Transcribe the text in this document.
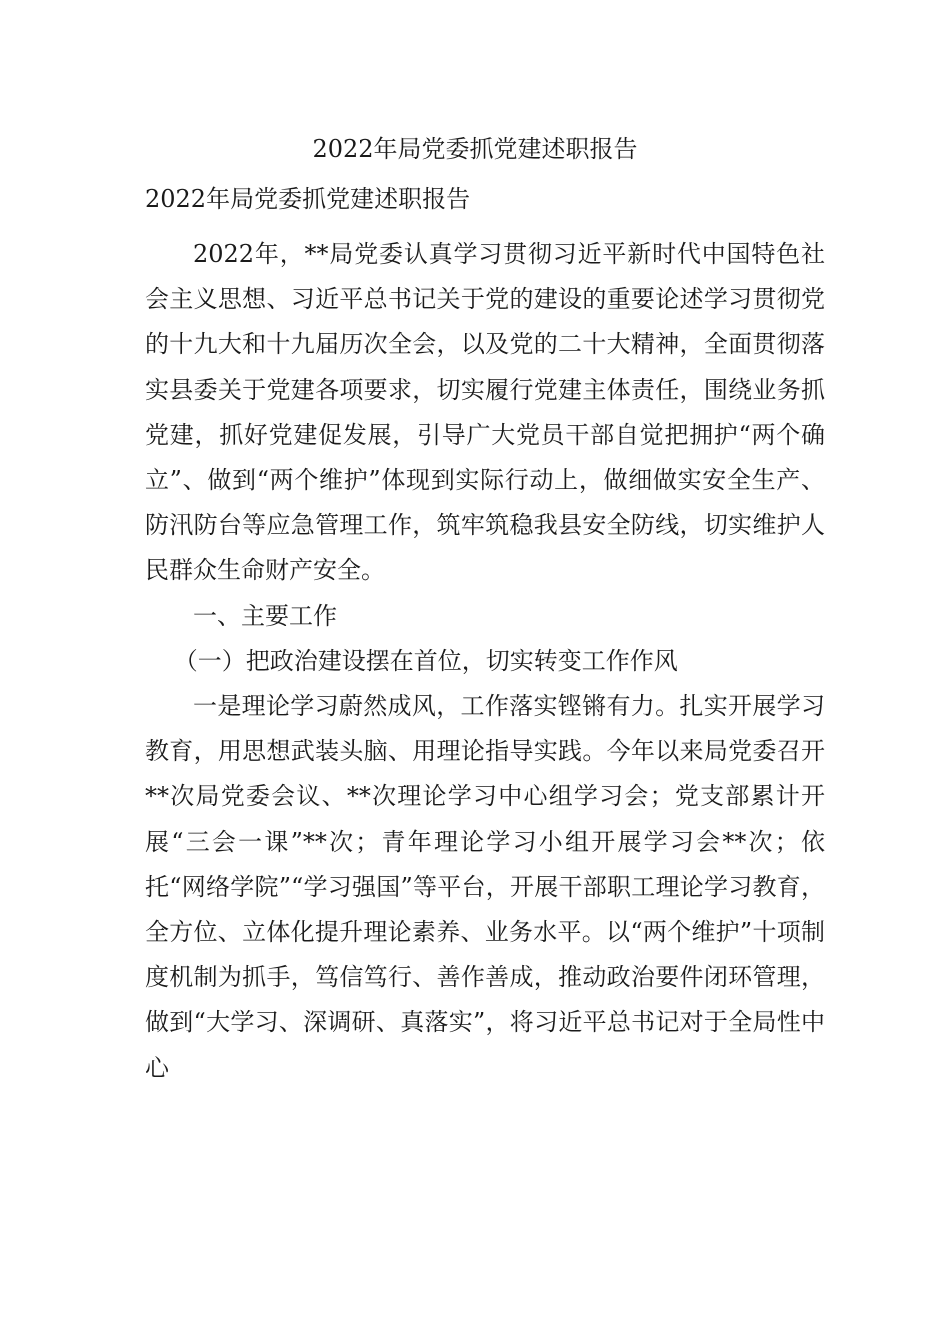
2022年局党委抓党建述职报告
2022年局党委抓党建述职报告

2022年，**局党委认真学习贯彻习近平新时代中国特色社会主义思想、习近平总书记关于党的建设的重要论述学习贯彻党的十九大和十九届历次全会，以及党的二十大精神，全面贯彻落实县委关于党建各项要求，切实履行党建主体责任，围绕业务抓党建，抓好党建促发展，引导广大党员干部自觉把拥护“两个确立”、做到“两个维护”体现到实际行动上，做细做实安全生产、防汛防台等应急管理工作，筑牢筑稳我县安全防线，切实维护人民群众生命财产安全。

一、主要工作

（一）把政治建设摆在首位，切实转变工作作风

一是理论学习蔚然成风，工作落实铿锵有力。扎实开展学习教育，用思想武装头脑、用理论指导实践。今年以来局党委召开**次局党委会议、**次理论学习中心组学习会；党支部累计开展“三会一课”**次；青年理论学习小组开展学习会**次；依托“网络学院”“学习强国”等平台，开展干部职工理论学习教育，全方位、立体化提升理论素养、业务水平。以“两个维护”十项制度机制为抓手，笃信笃行、善作善成，推动政治要件闭环管理，做到“大学习、深调研、真落实”，将习近平总书记对于全局性中心
